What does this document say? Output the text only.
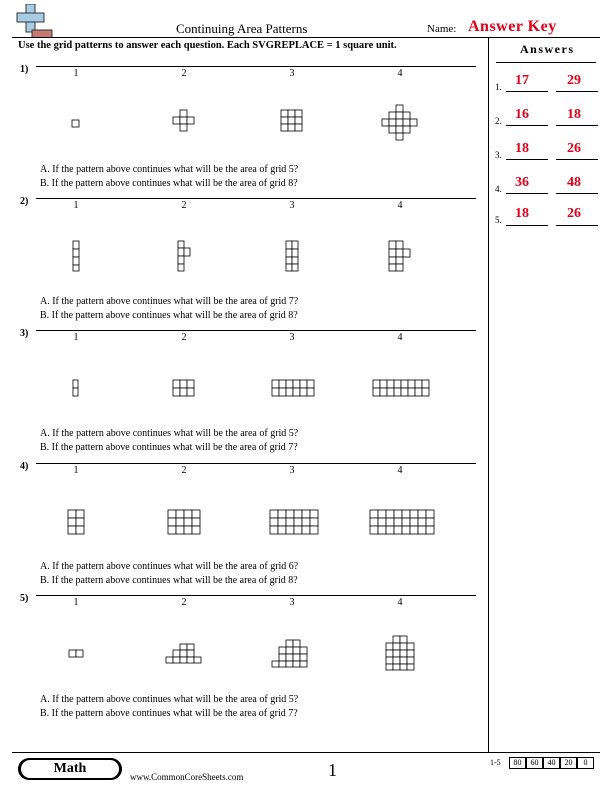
Continuing Area Patterns	Name: Answer Key
Use the grid patterns to answer each question. Each SVGREPLACE = 1 square unit.	Answers
1. 17	29
2. 16	18
3. 18	26
4. 36	48
5. 18	26
1)	1	2	3	4
A. If the pattern above continues what will be the area of grid 5?
B. If the pattern above continues what will be the area of grid 8?
2)	1	2	3	4
A. If the pattern above continues what will be the area of grid 7?
B. If the pattern above continues what will be the area of grid 8?
3)	1	2	3	4
A. If the pattern above continues what will be the area of grid 5?
B. If the pattern above continues what will be the area of grid 7?
4)	1	2	3	4
A. If the pattern above continues what will be the area of grid 6?
B. If the pattern above continues what will be the area of grid 8?
5)	1	2	3	4
A. If the pattern above continues what will be the area of grid 5?
B. If the pattern above continues what will be the area of grid 7?
Math
www.CommonCoreSheets.com	1	1-5	80	60	40	20	0
